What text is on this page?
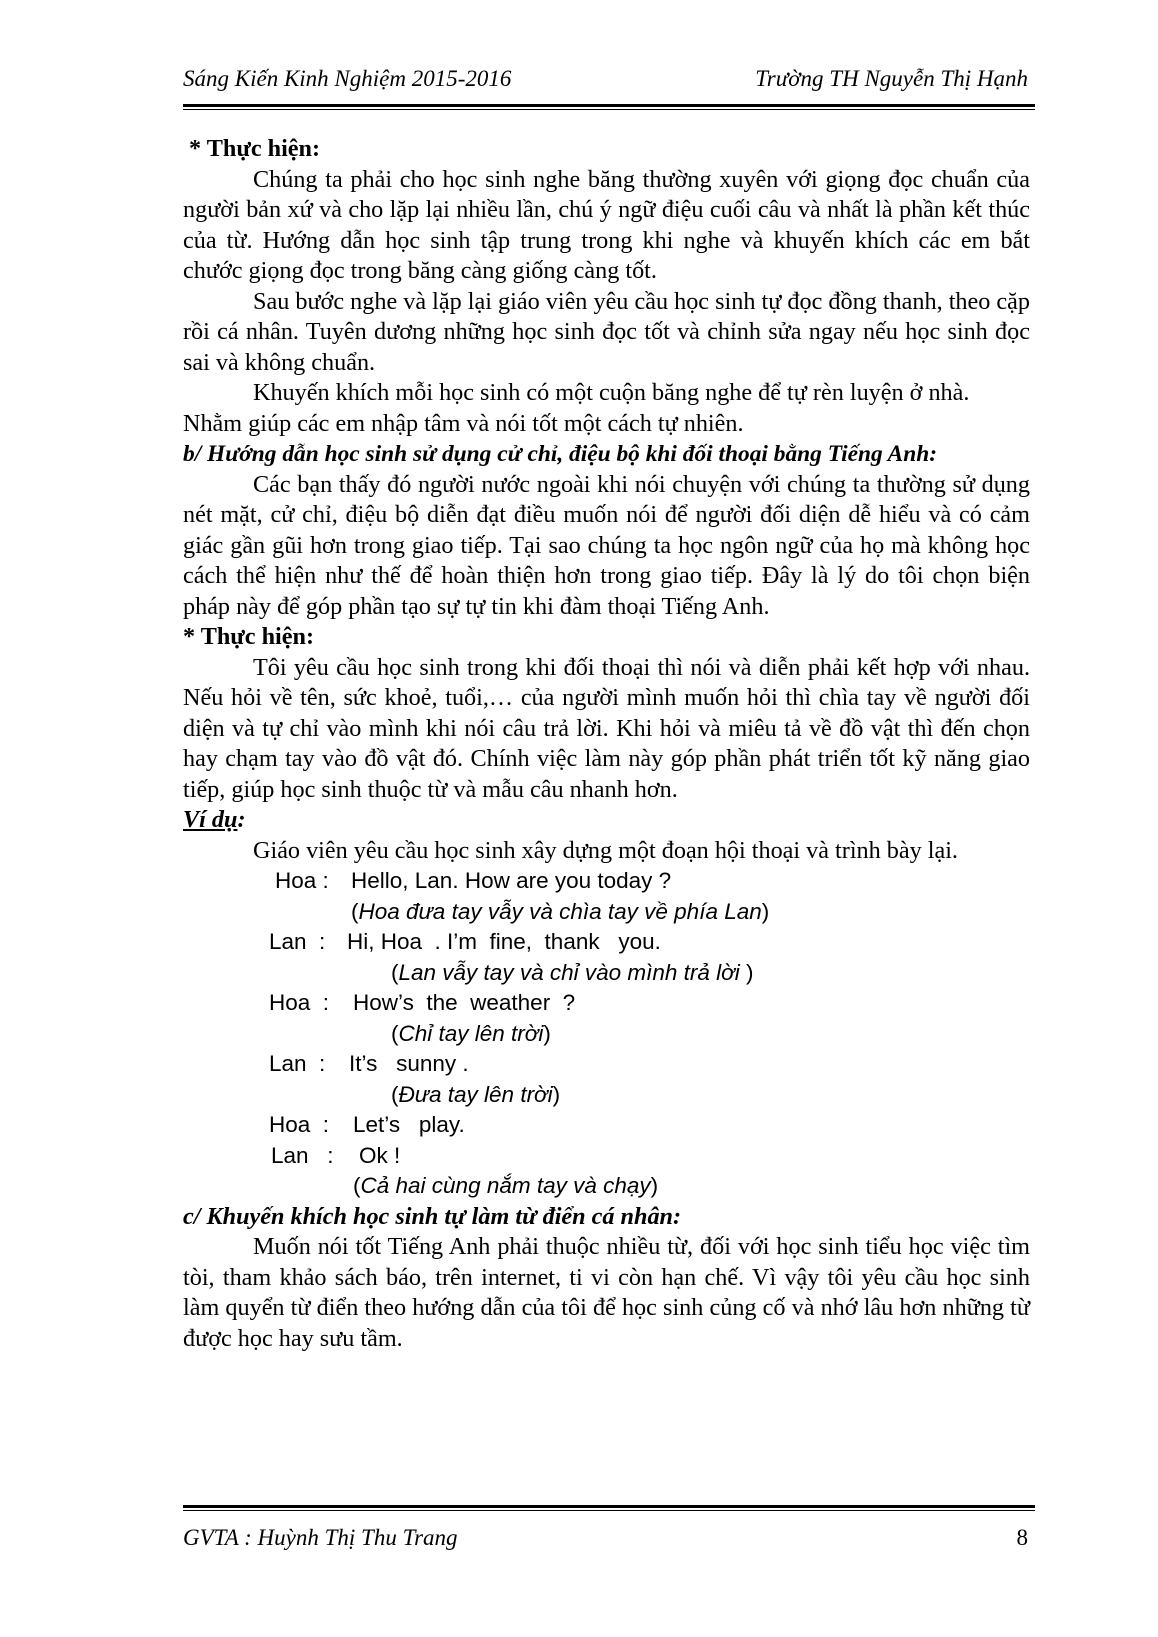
Sáng Kiến Kinh Nghiệm 2015-2016	Trường TH Nguyễn Thị Hạnh

* Thực hiện:

Chúng ta phải cho học sinh nghe băng thường xuyên với giọng đọc chuẩn của người bản xứ và cho lặp lại nhiều lần, chú ý ngữ điệu cuối câu và nhất là phần kết thúc của từ. Hướng dẫn học sinh tập trung trong khi nghe và khuyến khích các em bắt chước giọng đọc trong băng càng giống càng tốt.

Sau bước nghe và lặp lại giáo viên yêu cầu học sinh tự đọc đồng thanh, theo cặp rồi cá nhân. Tuyên dương những học sinh đọc tốt và chỉnh sửa ngay nếu học sinh đọc sai và không chuẩn.

Khuyến khích mỗi học sinh có một cuộn băng nghe để tự rèn luyện ở nhà.

Nhằm giúp các em nhập tâm và nói tốt một cách tự nhiên.

b/ Hướng dẫn học sinh sử dụng cử chỉ, điệu bộ khi đối thoại bằng Tiếng Anh:

Các bạn thấy đó người nước ngoài khi nói chuyện với chúng ta thường sử dụng nét mặt, cử chỉ, điệu bộ diễn đạt điều muốn nói để người đối diện dễ hiểu và có cảm giác gần gũi hơn trong giao tiếp. Tại sao chúng ta học ngôn ngữ của họ mà không học cách thể hiện như thế để hoàn thiện hơn trong giao tiếp. Đây là lý do tôi chọn biện pháp này để góp phần tạo sự tự tin khi đàm thoại Tiếng Anh.

* Thực hiện:

Tôi yêu cầu học sinh trong khi đối thoại thì nói và diễn phải kết hợp với nhau. Nếu hỏi về tên, sức khoẻ, tuổi,… của người mình muốn hỏi thì chìa tay về người đối diện và tự chỉ vào mình khi nói câu trả lời. Khi hỏi và miêu tả về đồ vật thì đến chọn hay chạm tay vào đồ vật đó. Chính việc làm này góp phần phát triển tốt kỹ năng giao tiếp, giúp học sinh thuộc từ và mẫu câu nhanh hơn.

Ví dụ:

Giáo viên yêu cầu học sinh xây dựng một đoạn hội thoại và trình bày lại.

Hoa : Hello, Lan. How are you today ?

(Hoa đưa tay vẫy và chìa tay về phía Lan)

Lan  : Hi, Hoa  . I’m  fine,  thank   you.

(Lan vẫy tay và chỉ vào mình trả lời )

Hoa  : How’s  the  weather  ?

(Chỉ tay lên trời)

Lan  : It’s   sunny .

(Đưa tay lên trời)

Hoa  : Let’s   play.

Lan   : Ok !

(Cả hai cùng nắm tay và chạy)

c/ Khuyến khích học sinh tự làm từ điển cá nhân:

Muốn nói tốt Tiếng Anh phải thuộc nhiều từ, đối với học sinh tiểu học việc tìm tòi, tham khảo sách báo, trên internet, ti vi còn hạn chế. Vì vậy tôi yêu cầu học sinh làm quyển từ điển theo hướng dẫn của tôi để học sinh củng cố và nhớ lâu hơn những từ được học hay sưu tầm.

GVTA : Huỳnh Thị Thu Trang	8
